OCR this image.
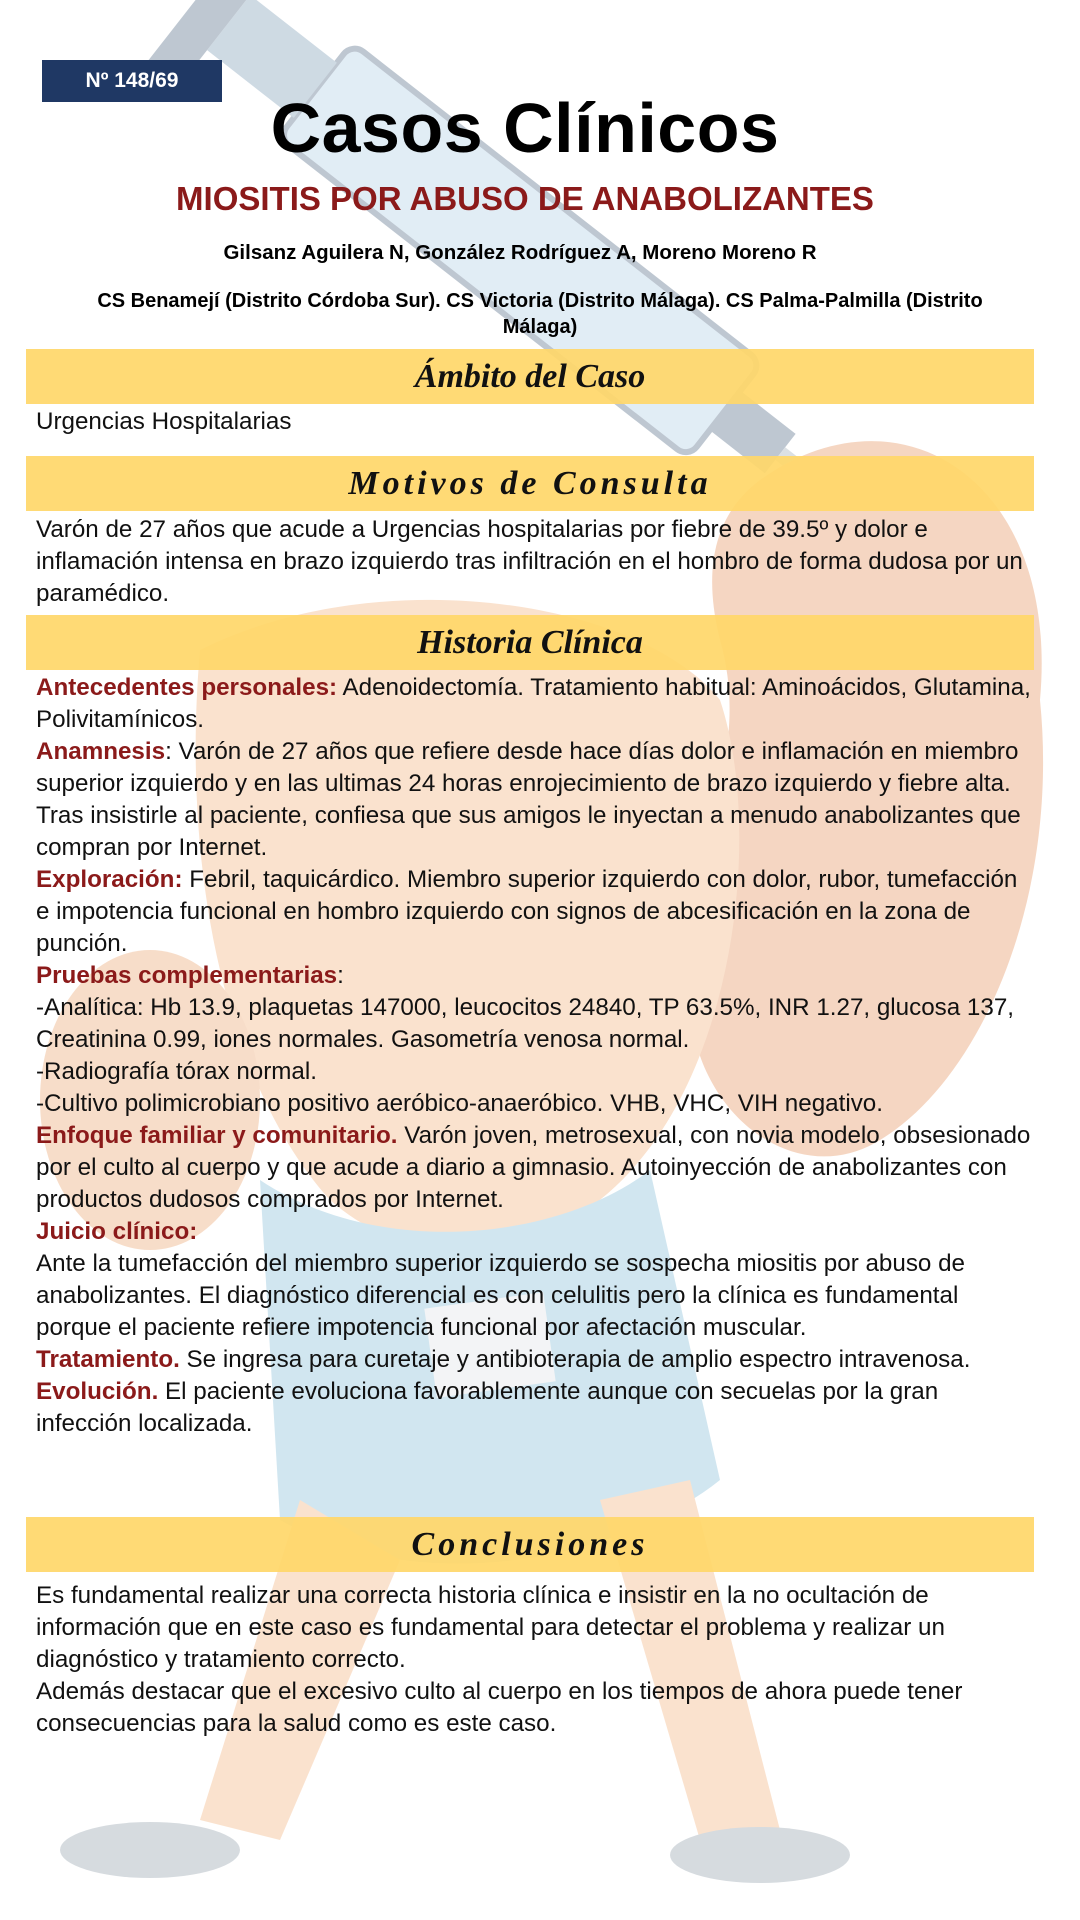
Nº 148/69
Casos Clínicos
MIOSITIS POR ABUSO DE ANABOLIZANTES
Gilsanz Aguilera N, González Rodríguez A, Moreno Moreno R
CS Benamejí (Distrito Córdoba Sur). CS Victoria (Distrito Málaga). CS Palma-Palmilla (Distrito Málaga)
Ámbito del Caso
Urgencias Hospitalarias
Motivos de Consulta
Varón de 27 años que acude a Urgencias hospitalarias por fiebre de 39.5º y dolor e inflamación intensa en brazo izquierdo tras infiltración en el hombro de forma dudosa por un paramédico.
Historia Clínica

Antecedentes personales: Adenoidectomía. Tratamiento habitual: Aminoácidos, Glutamina, Polivitamínicos.

Anamnesis: Varón de 27 años que refiere desde hace días dolor e inflamación en miembro superior izquierdo y en las ultimas 24 horas enrojecimiento de brazo izquierdo y fiebre alta. Tras insistirle al paciente, confiesa que sus amigos le inyectan a menudo anabolizantes que compran por Internet.

Exploración: Febril, taquicárdico. Miembro superior izquierdo con dolor, rubor, tumefacción e impotencia funcional en hombro izquierdo con signos de abcesificación en la zona de punción.

Pruebas complementarias:

-Analítica: Hb 13.9, plaquetas 147000, leucocitos 24840, TP 63.5%, INR 1.27, glucosa 137, Creatinina 0.99, iones normales. Gasometría venosa normal.

-Radiografía tórax normal.

-Cultivo polimicrobiano positivo aeróbico-anaeróbico. VHB, VHC, VIH negativo.

Enfoque familiar y comunitario. Varón joven, metrosexual, con novia modelo, obsesionado por el culto al cuerpo y que acude a diario a gimnasio. Autoinyección de anabolizantes con productos dudosos comprados por Internet.

Juicio clínico:

Ante la tumefacción del miembro superior izquierdo se sospecha miositis por abuso de anabolizantes. El diagnóstico diferencial es con celulitis pero la clínica es fundamental porque el paciente refiere impotencia funcional por afectación muscular.

Tratamiento. Se ingresa para curetaje y antibioterapia de amplio espectro intravenosa.

Evolución. El paciente evoluciona favorablemente aunque con secuelas por la gran infección localizada.

Conclusiones

Es fundamental realizar una correcta historia clínica e insistir en la no ocultación de información que en este caso es fundamental para detectar el problema y realizar un diagnóstico y tratamiento correcto.

Además destacar que el excesivo culto al cuerpo en los tiempos de ahora puede tener consecuencias para la salud como es este caso.
